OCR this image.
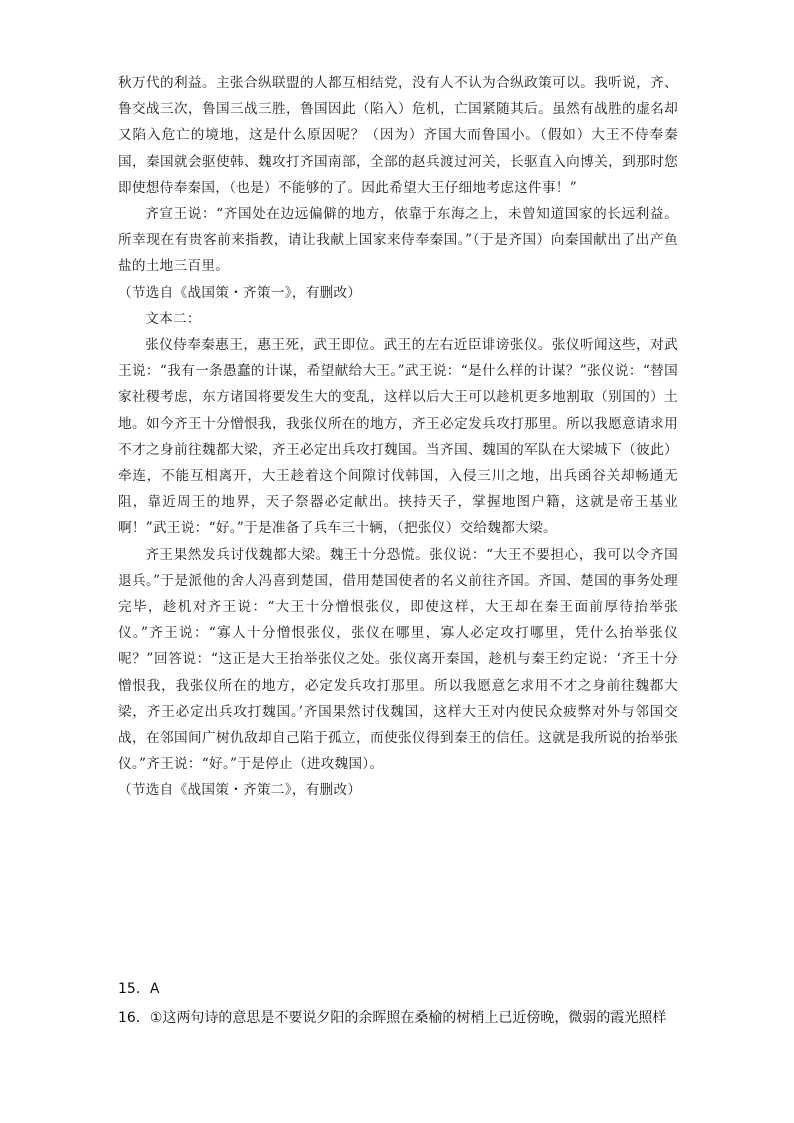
秋万代的利益。主张合纵联盟的人都互相结党，没有人不认为合纵政策可以。我听说，齐、鲁交战三次，鲁国三战三胜，鲁国因此（陷入）危机，亡国紧随其后。虽然有战胜的虚名却又陷入危亡的境地，这是什么原因呢？（因为）齐国大而鲁国小。（假如）大王不侍奉秦国，秦国就会驱使韩、魏攻打齐国南部，全部的赵兵渡过河关，长驱直入向博关，到那时您即使想侍奉秦国，（也是）不能够的了。因此希望大王仔细地考虑这件事！”

齐宣王说：“齐国处在边远偏僻的地方，依靠于东海之上，未曾知道国家的长远利益。所幸现在有贵客前来指教，请让我献上国家来侍奉秦国。”（于是齐国）向秦国献出了出产鱼盐的土地三百里。

（节选自《战国策・齐策一》，有删改）

文本二：

张仪侍奉秦惠王，惠王死，武王即位。武王的左右近臣诽谤张仪。张仪听闻这些，对武王说：“我有一条愚蠢的计谋，希望献给大王。”武王说：“是什么样的计谋？”张仪说：“替国家社稷考虑，东方诸国将要发生大的变乱，这样以后大王可以趁机更多地割取（别国的）土地。如今齐王十分憎恨我，我张仪所在的地方，齐王必定发兵攻打那里。所以我愿意请求用不才之身前往魏都大梁，齐王必定出兵攻打魏国。当齐国、魏国的军队在大梁城下（彼此）牵连，不能互相离开，大王趁着这个间隙讨伐韩国，入侵三川之地，出兵函谷关却畅通无阻，靠近周王的地界，天子祭器必定献出。挟持天子，掌握地图户籍，这就是帝王基业啊！”武王说：“好。”于是准备了兵车三十辆，（把张仪）交给魏都大梁。

齐王果然发兵讨伐魏都大梁。魏王十分恐慌。张仪说：“大王不要担心，我可以令齐国退兵。”于是派他的舍人冯喜到楚国，借用楚国使者的名义前往齐国。齐国、楚国的事务处理完毕，趁机对齐王说：“大王十分憎恨张仪，即使这样，大王却在秦王面前厚待抬举张仪。”齐王说：“寡人十分憎恨张仪，张仪在哪里，寡人必定攻打哪里，凭什么抬举张仪呢？”回答说：“这正是大王抬举张仪之处。张仪离开秦国，趁机与秦王约定说：‘齐王十分憎恨我，我张仪所在的地方，必定发兵攻打那里。所以我愿意乞求用不才之身前往魏都大梁，齐王必定出兵攻打魏国。’齐国果然讨伐魏国，这样大王对内使民众疲弊对外与邻国交战，在邻国间广树仇敌却自己陷于孤立，而使张仪得到秦王的信任。这就是我所说的抬举张仪。”齐王说：“好。”于是停止（进攻魏国）。

（节选自《战国策・齐策二》，有删改）

15．A
16．①这两句诗的意思是不要说夕阳的余晖照在桑榆的树梢上已近傍晚，微弱的霞光照样
